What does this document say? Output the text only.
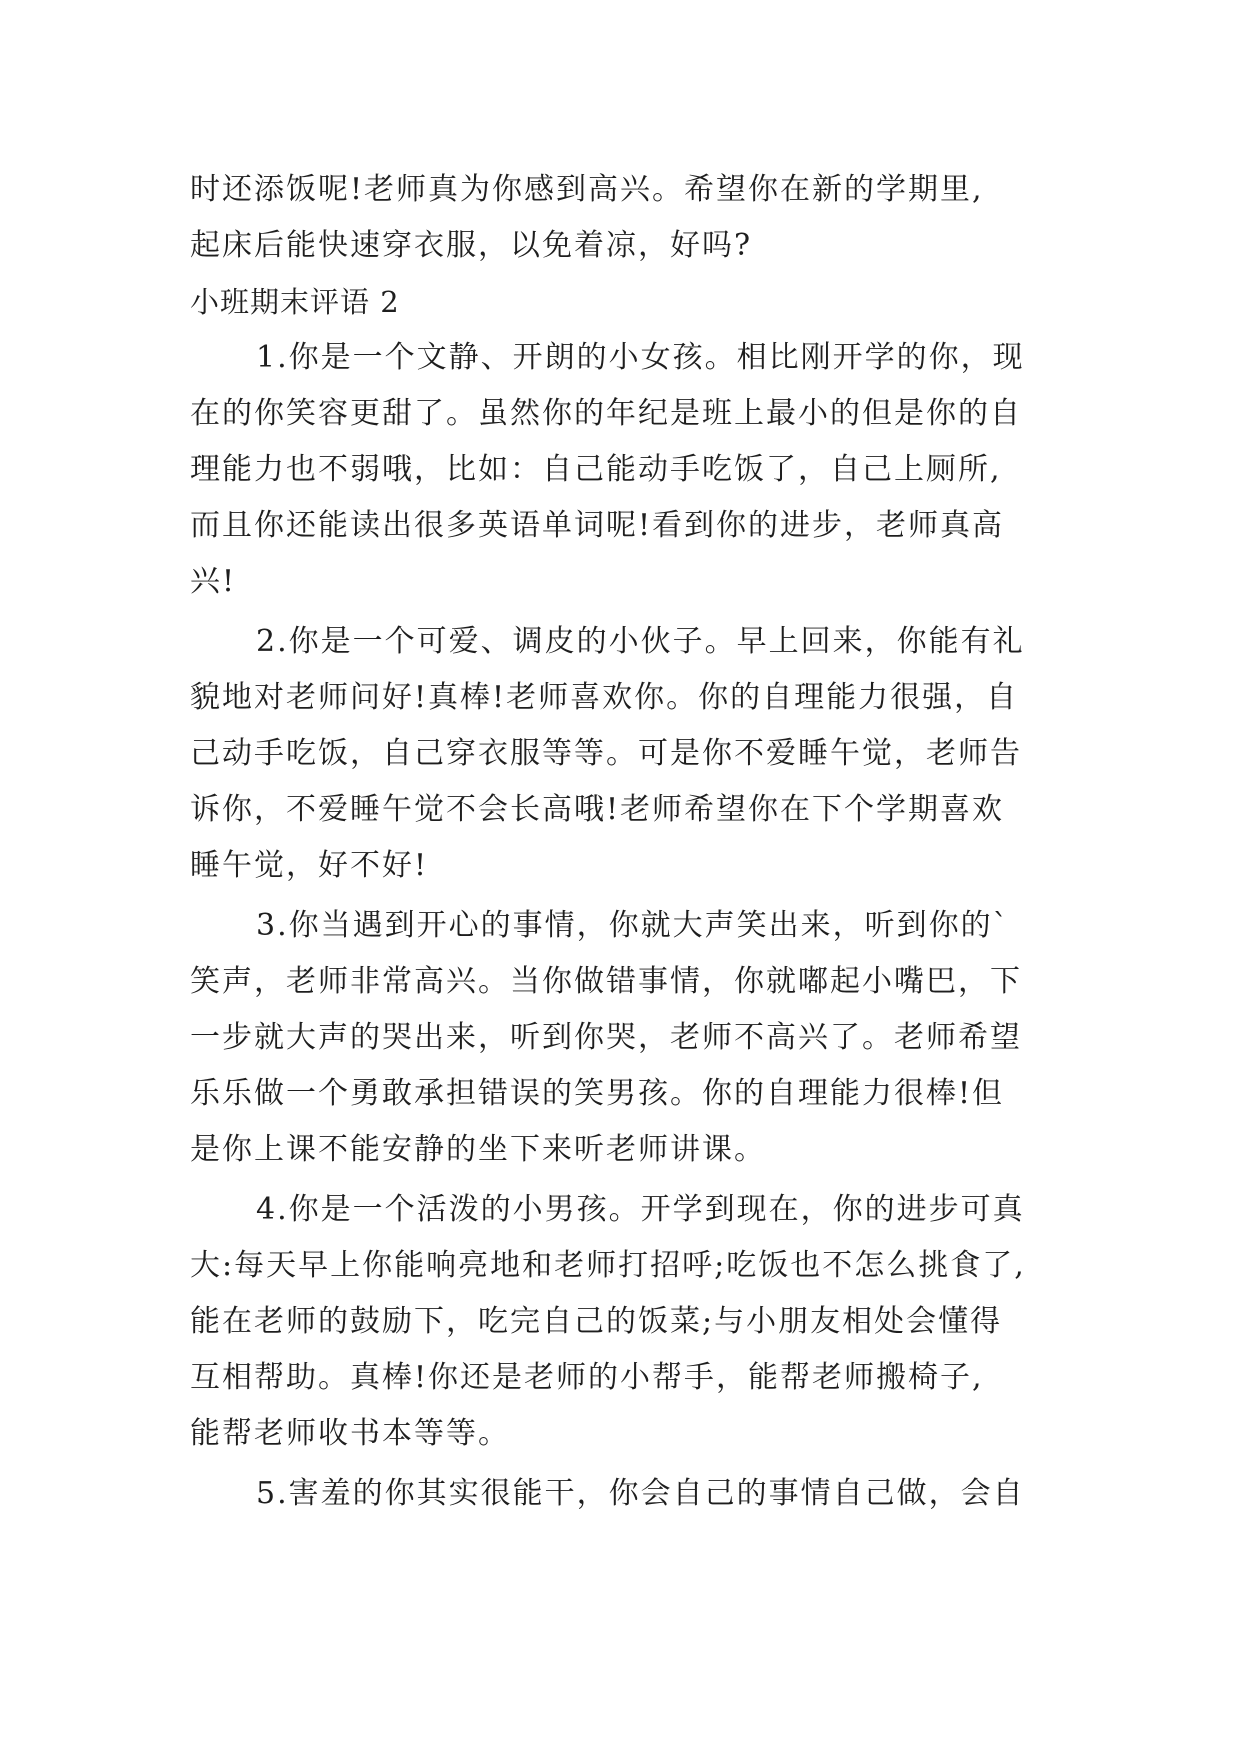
时还添饭呢!老师真为你感到高兴。希望你在新的学期里,
起床后能快速穿衣服，以免着凉，好吗?
小班期末评语 2
1.你是一个文静、开朗的小女孩。相比刚开学的你，现
在的你笑容更甜了。虽然你的年纪是班上最小的但是你的自
理能力也不弱哦，比如：自己能动手吃饭了，自己上厕所,
而且你还能读出很多英语单词呢!看到你的进步，老师真高
兴!
2.你是一个可爱、调皮的小伙子。早上回来，你能有礼
貌地对老师问好!真棒!老师喜欢你。你的自理能力很强，自
己动手吃饭，自己穿衣服等等。可是你不爱睡午觉，老师告
诉你，不爱睡午觉不会长高哦!老师希望你在下个学期喜欢
睡午觉，好不好!
3.你当遇到开心的事情，你就大声笑出来，听到你的`
笑声，老师非常高兴。当你做错事情，你就嘟起小嘴巴，下
一步就大声的哭出来，听到你哭，老师不高兴了。老师希望
乐乐做一个勇敢承担错误的笑男孩。你的自理能力很棒!但
是你上课不能安静的坐下来听老师讲课。
4.你是一个活泼的小男孩。开学到现在，你的进步可真
大:每天早上你能响亮地和老师打招呼;吃饭也不怎么挑食了,
能在老师的鼓励下，吃完自己的饭菜;与小朋友相处会懂得
互相帮助。真棒!你还是老师的小帮手，能帮老师搬椅子,
能帮老师收书本等等。
5.害羞的你其实很能干，你会自己的事情自己做，会自
